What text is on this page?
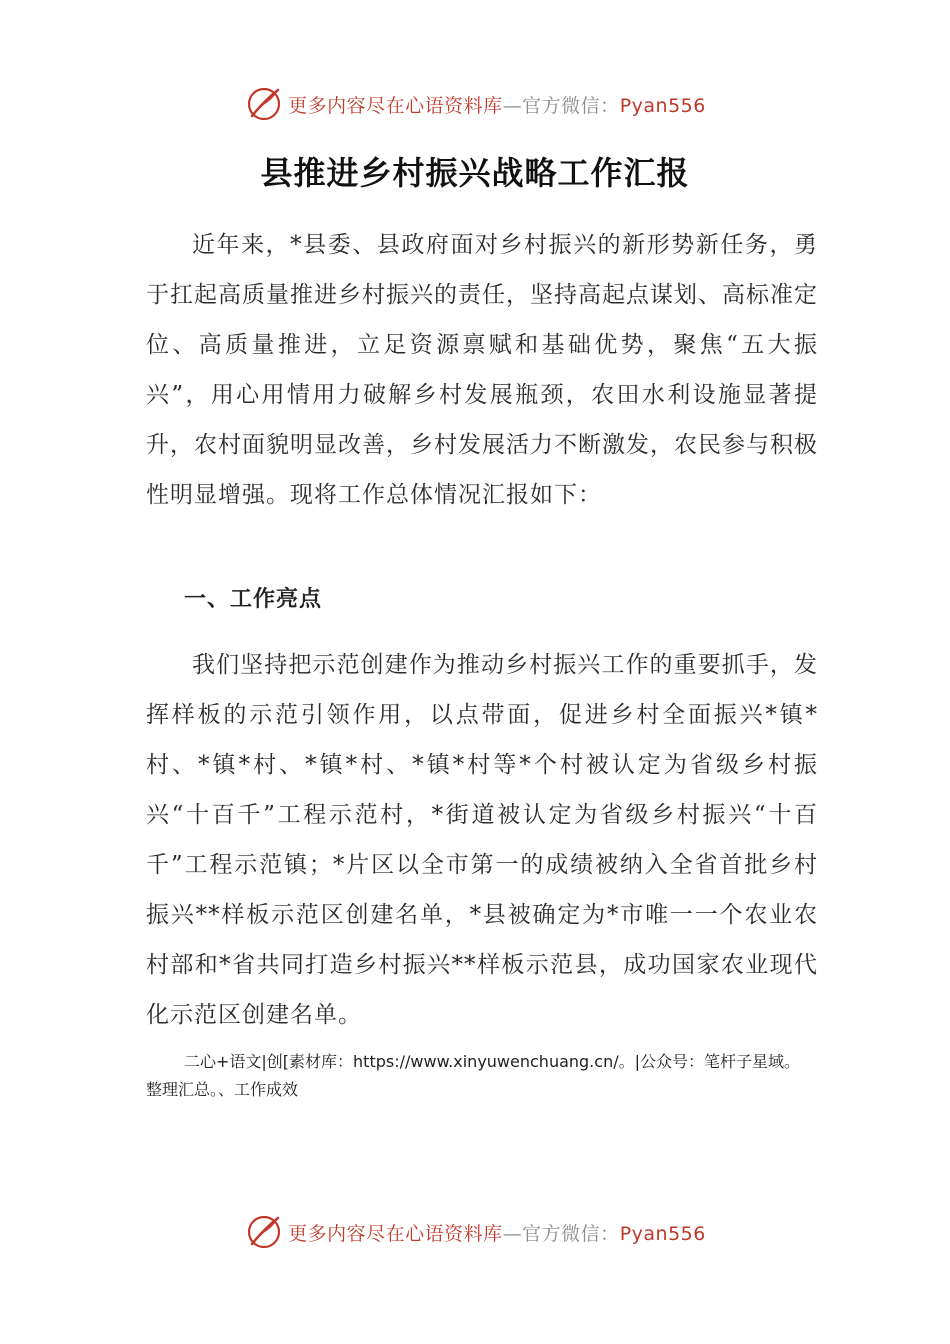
更多内容尽在心语资料库—官方微信：Pyan556
县推进乡村振兴战略工作汇报
近年来，*县委、县政府面对乡村振兴的新形势新任务，勇于扛起高质量推进乡村振兴的责任，坚持高起点谋划、高标准定位、高质量推进，立足资源禀赋和基础优势，聚焦“五大振兴”，用心用情用力破解乡村发展瓶颈，农田水利设施显著提升，农村面貌明显改善，乡村发展活力不断激发，农民参与积极性明显增强。现将工作总体情况汇报如下：
一、工作亮点
我们坚持把示范创建作为推动乡村振兴工作的重要抓手，发挥样板的示范引领作用，以点带面，促进乡村全面振兴*镇*村、*镇*村、*镇*村、*镇*村等*个村被认定为省级乡村振兴“十百千”工程示范村，*街道被认定为省级乡村振兴“十百千”工程示范镇；*片区以全市第一的成绩被纳入全省首批乡村振兴**样板示范区创建名单，*县被确定为*市唯一一个农业农村部和*省共同打造乡村振兴**样板示范县，成功国家农业现代化示范区创建名单。
二心+语文|创[素材库：https://www.xinyuwenchuang.cn/。|公众号：笔杆子星域。整理汇总。、工作成效
更多内容尽在心语资料库—官方微信：Pyan556
